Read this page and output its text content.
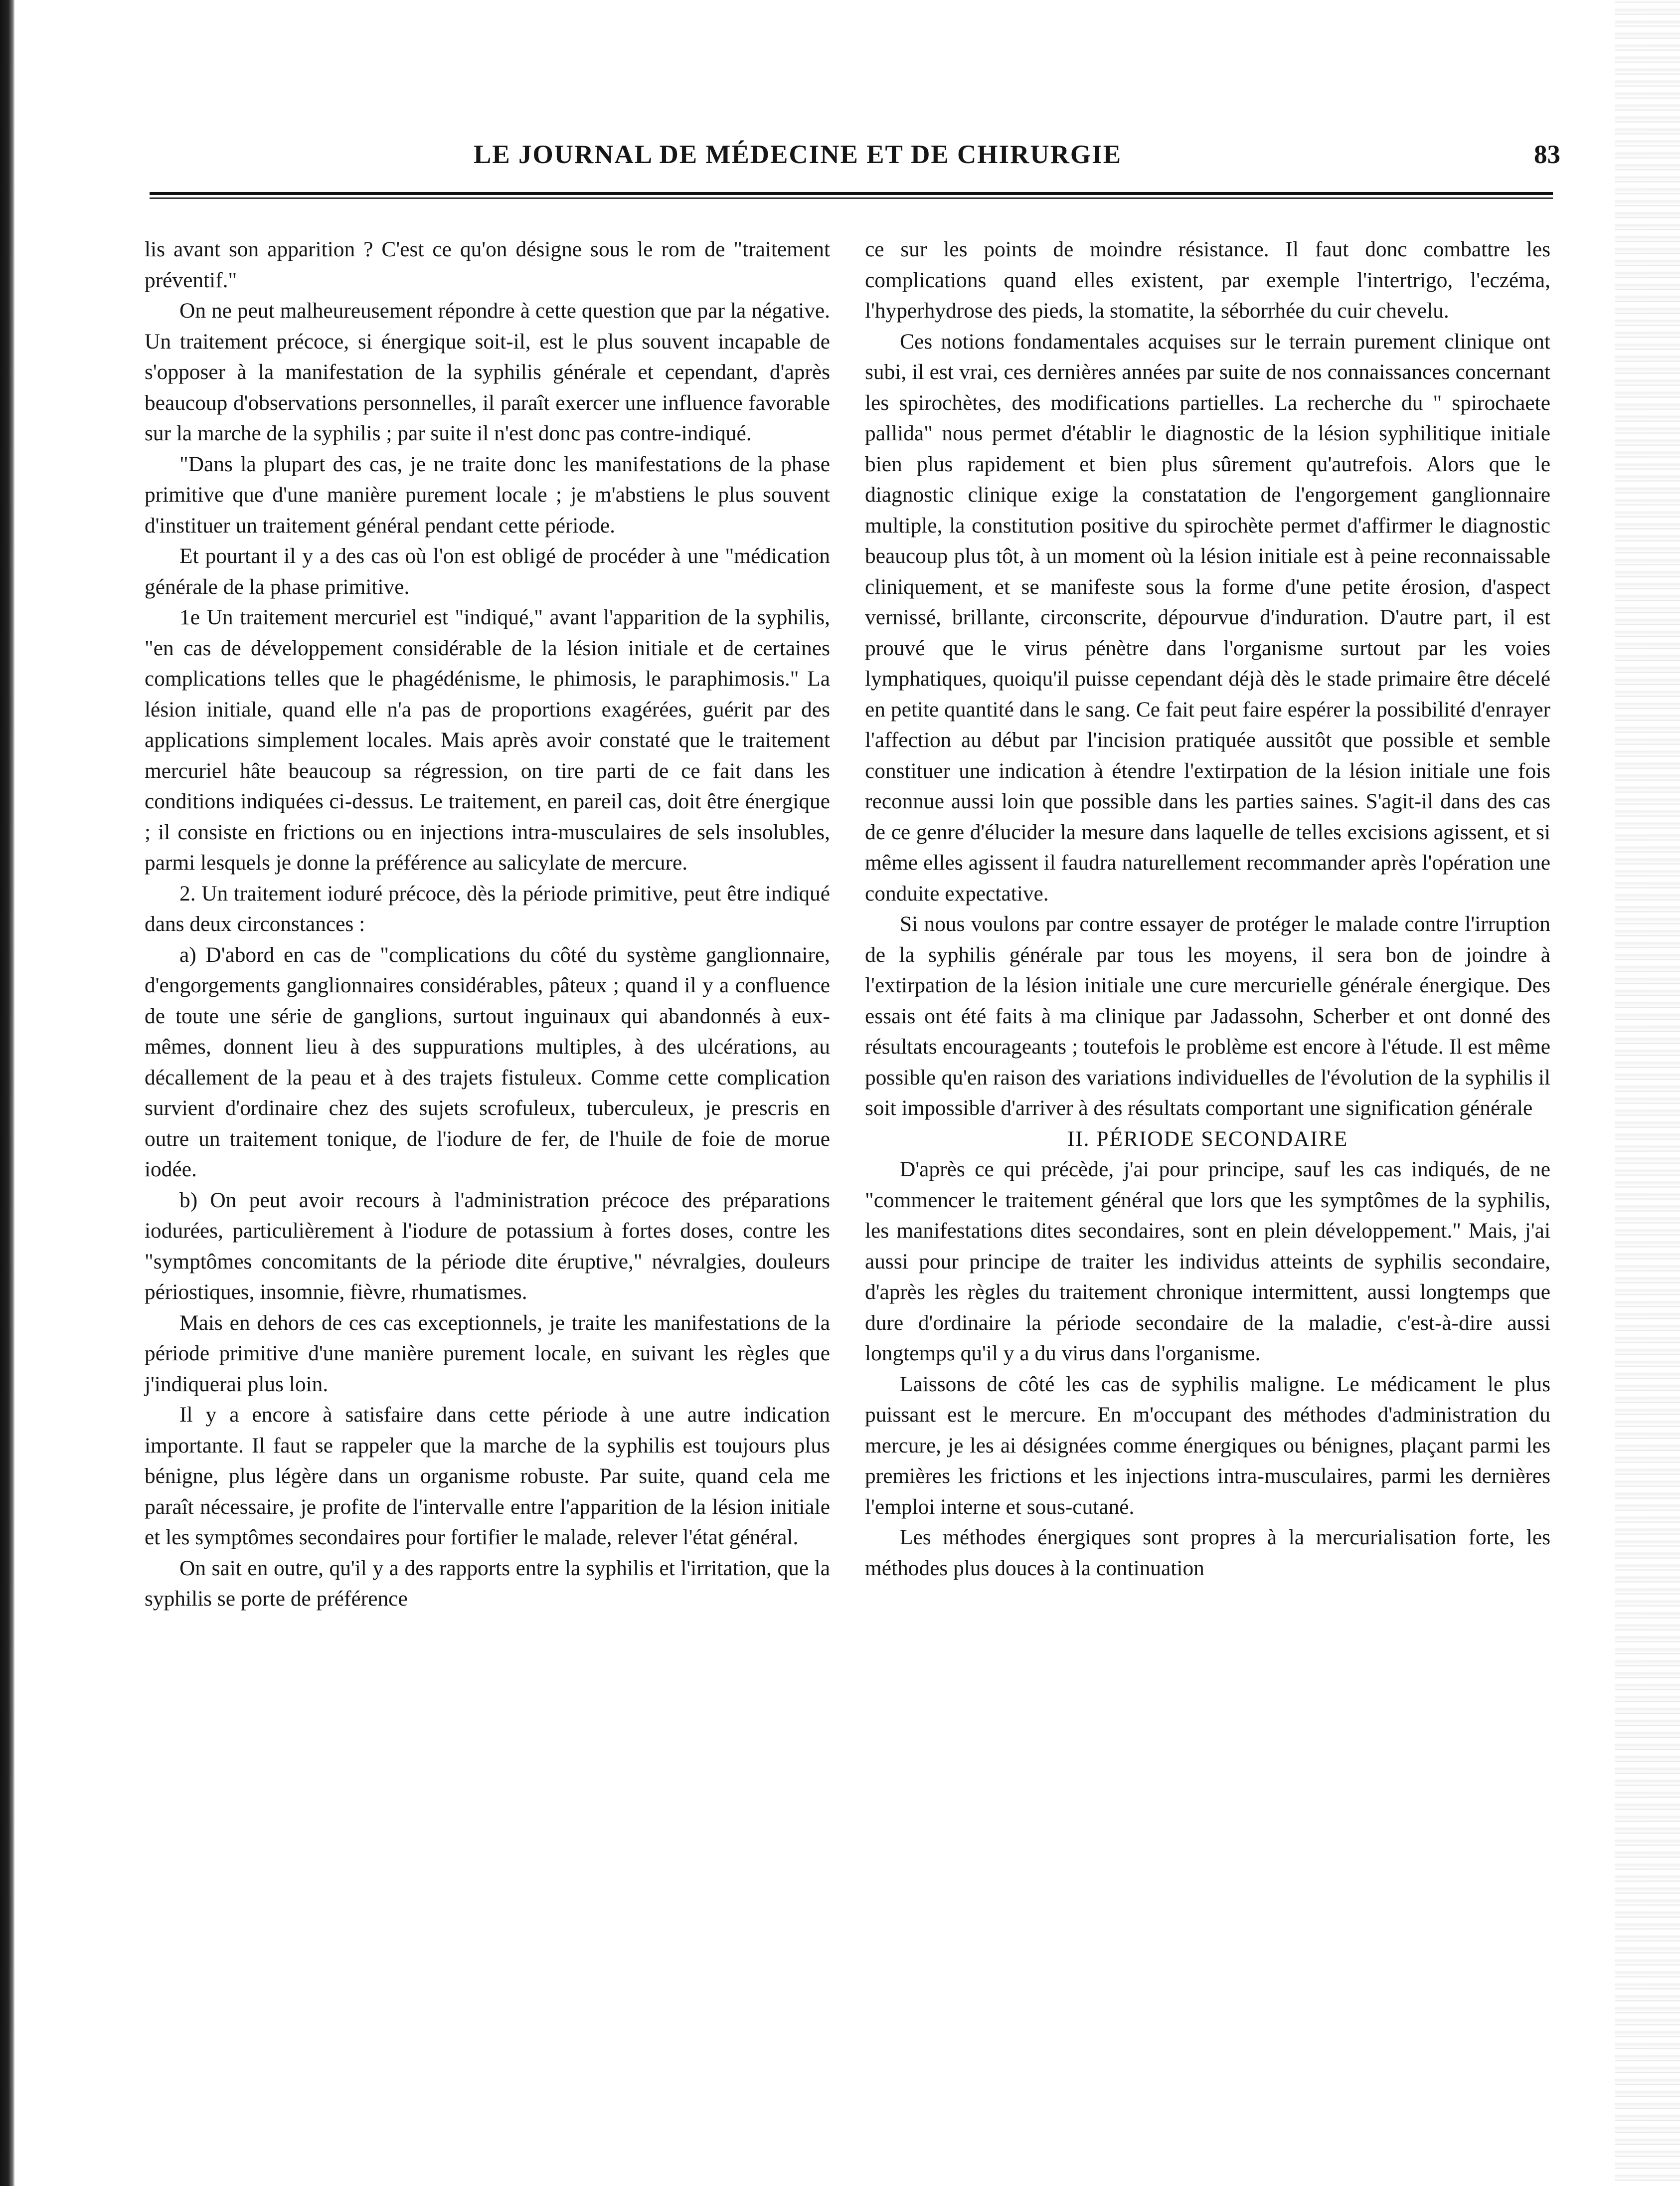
LE JOURNAL DE MÉDECINE ET DE CHIRURGIE	83

lis avant son apparition ? C'est ce qu'on désigne sous le rom de "traitement préventif."

On ne peut malheureusement répondre à cette question que par la négative. Un traitement précoce, si énergique soit-il, est le plus souvent incapable de s'opposer à la manifestation de la syphilis générale et cependant, d'après beaucoup d'observations personnelles, il paraît exercer une influence favorable sur la marche de la syphilis ; par suite il n'est donc pas contre-indiqué.

"Dans la plupart des cas, je ne traite donc les manifestations de la phase primitive que d'une manière purement locale ; je m'abstiens le plus souvent d'instituer un traitement général pendant cette période.

Et pourtant il y a des cas où l'on est obligé de procéder à une "médication générale de la phase primitive.

1e Un traitement mercuriel est "indiqué," avant l'apparition de la syphilis, "en cas de développement considérable de la lésion initiale et de certaines complications telles que le phagédénisme, le phimosis, le paraphimosis." La lésion initiale, quand elle n'a pas de proportions exagérées, guérit par des applications simplement locales. Mais après avoir constaté que le traitement mercuriel hâte beaucoup sa régression, on tire parti de ce fait dans les conditions indiquées ci-dessus. Le traitement, en pareil cas, doit être énergique ; il consiste en frictions ou en injections intra-musculaires de sels insolubles, parmi lesquels je donne la préférence au salicylate de mercure.

2. Un traitement ioduré précoce, dès la période primitive, peut être indiqué dans deux circonstances :

a) D'abord en cas de "complications du côté du système ganglionnaire, d'engorgements ganglionnaires considérables, pâteux ; quand il y a confluence de toute une série de ganglions, surtout inguinaux qui abandonnés à eux-mêmes, donnent lieu à des suppurations multiples, à des ulcérations, au décallement de la peau et à des trajets fistuleux. Comme cette complication survient d'ordinaire chez des sujets scrofuleux, tuberculeux, je prescris en outre un traitement tonique, de l'iodure de fer, de l'huile de foie de morue iodée.

b) On peut avoir recours à l'administration précoce des préparations iodurées, particulièrement à l'iodure de potassium à fortes doses, contre les "symptômes concomitants de la période dite éruptive," névralgies, douleurs périostiques, insomnie, fièvre, rhumatismes.

Mais en dehors de ces cas exceptionnels, je traite les manifestations de la période primitive d'une manière purement locale, en suivant les règles que j'indiquerai plus loin.

Il y a encore à satisfaire dans cette période à une autre indication importante. Il faut se rappeler que la marche de la syphilis est toujours plus bénigne, plus légère dans un organisme robuste. Par suite, quand cela me paraît nécessaire, je profite de l'intervalle entre l'apparition de la lésion initiale et les symptômes secondaires pour fortifier le malade, relever l'état général.

On sait en outre, qu'il y a des rapports entre la syphilis et l'irritation, que la syphilis se porte de préférence

ce sur les points de moindre résistance. Il faut donc combattre les complications quand elles existent, par exemple l'intertrigo, l'eczéma, l'hyperhydrose des pieds, la stomatite, la séborrhée du cuir chevelu.

Ces notions fondamentales acquises sur le terrain purement clinique ont subi, il est vrai, ces dernières années par suite de nos connaissances concernant les spirochètes, des modifications partielles. La recherche du " spirochaete pallida" nous permet d'établir le diagnostic de la lésion syphilitique initiale bien plus rapidement et bien plus sûrement qu'autrefois. Alors que le diagnostic clinique exige la constatation de l'engorgement ganglionnaire multiple, la constitution positive du spirochète permet d'affirmer le diagnostic beaucoup plus tôt, à un moment où la lésion initiale est à peine reconnaissable cliniquement, et se manifeste sous la forme d'une petite érosion, d'aspect vernissé, brillante, circonscrite, dépourvue d'induration. D'autre part, il est prouvé que le virus pénètre dans l'organisme surtout par les voies lymphatiques, quoiqu'il puisse cependant déjà dès le stade primaire être décelé en petite quantité dans le sang. Ce fait peut faire espérer la possibilité d'enrayer l'affection au début par l'incision pratiquée aussitôt que possible et semble constituer une indication à étendre l'extirpation de la lésion initiale une fois reconnue aussi loin que possible dans les parties saines. S'agit-il dans des cas de ce genre d'élucider la mesure dans laquelle de telles excisions agissent, et si même elles agissent il faudra naturellement recommander après l'opération une conduite expectative.

Si nous voulons par contre essayer de protéger le malade contre l'irruption de la syphilis générale par tous les moyens, il sera bon de joindre à l'extirpation de la lésion initiale une cure mercurielle générale énergique. Des essais ont été faits à ma clinique par Jadassohn, Scherber et ont donné des résultats encourageants ; toutefois le problème est encore à l'étude. Il est même possible qu'en raison des variations individuelles de l'évolution de la syphilis il soit impossible d'arriver à des résultats comportant une signification générale

II. PÉRIODE SECONDAIRE

D'après ce qui précède, j'ai pour principe, sauf les cas indiqués, de ne "commencer le traitement général que lors que les symptômes de la syphilis, les manifestations dites secondaires, sont en plein développement." Mais, j'ai aussi pour principe de traiter les individus atteints de syphilis secondaire, d'après les règles du traitement chronique intermittent, aussi longtemps que dure d'ordinaire la période secondaire de la maladie, c'est-à-dire aussi longtemps qu'il y a du virus dans l'organisme.

Laissons de côté les cas de syphilis maligne. Le médicament le plus puissant est le mercure. En m'occupant des méthodes d'administration du mercure, je les ai désignées comme énergiques ou bénignes, plaçant parmi les premières les frictions et les injections intra-musculaires, parmi les dernières l'emploi interne et sous-cutané.

Les méthodes énergiques sont propres à la mercurialisation forte, les méthodes plus douces à la continuation
